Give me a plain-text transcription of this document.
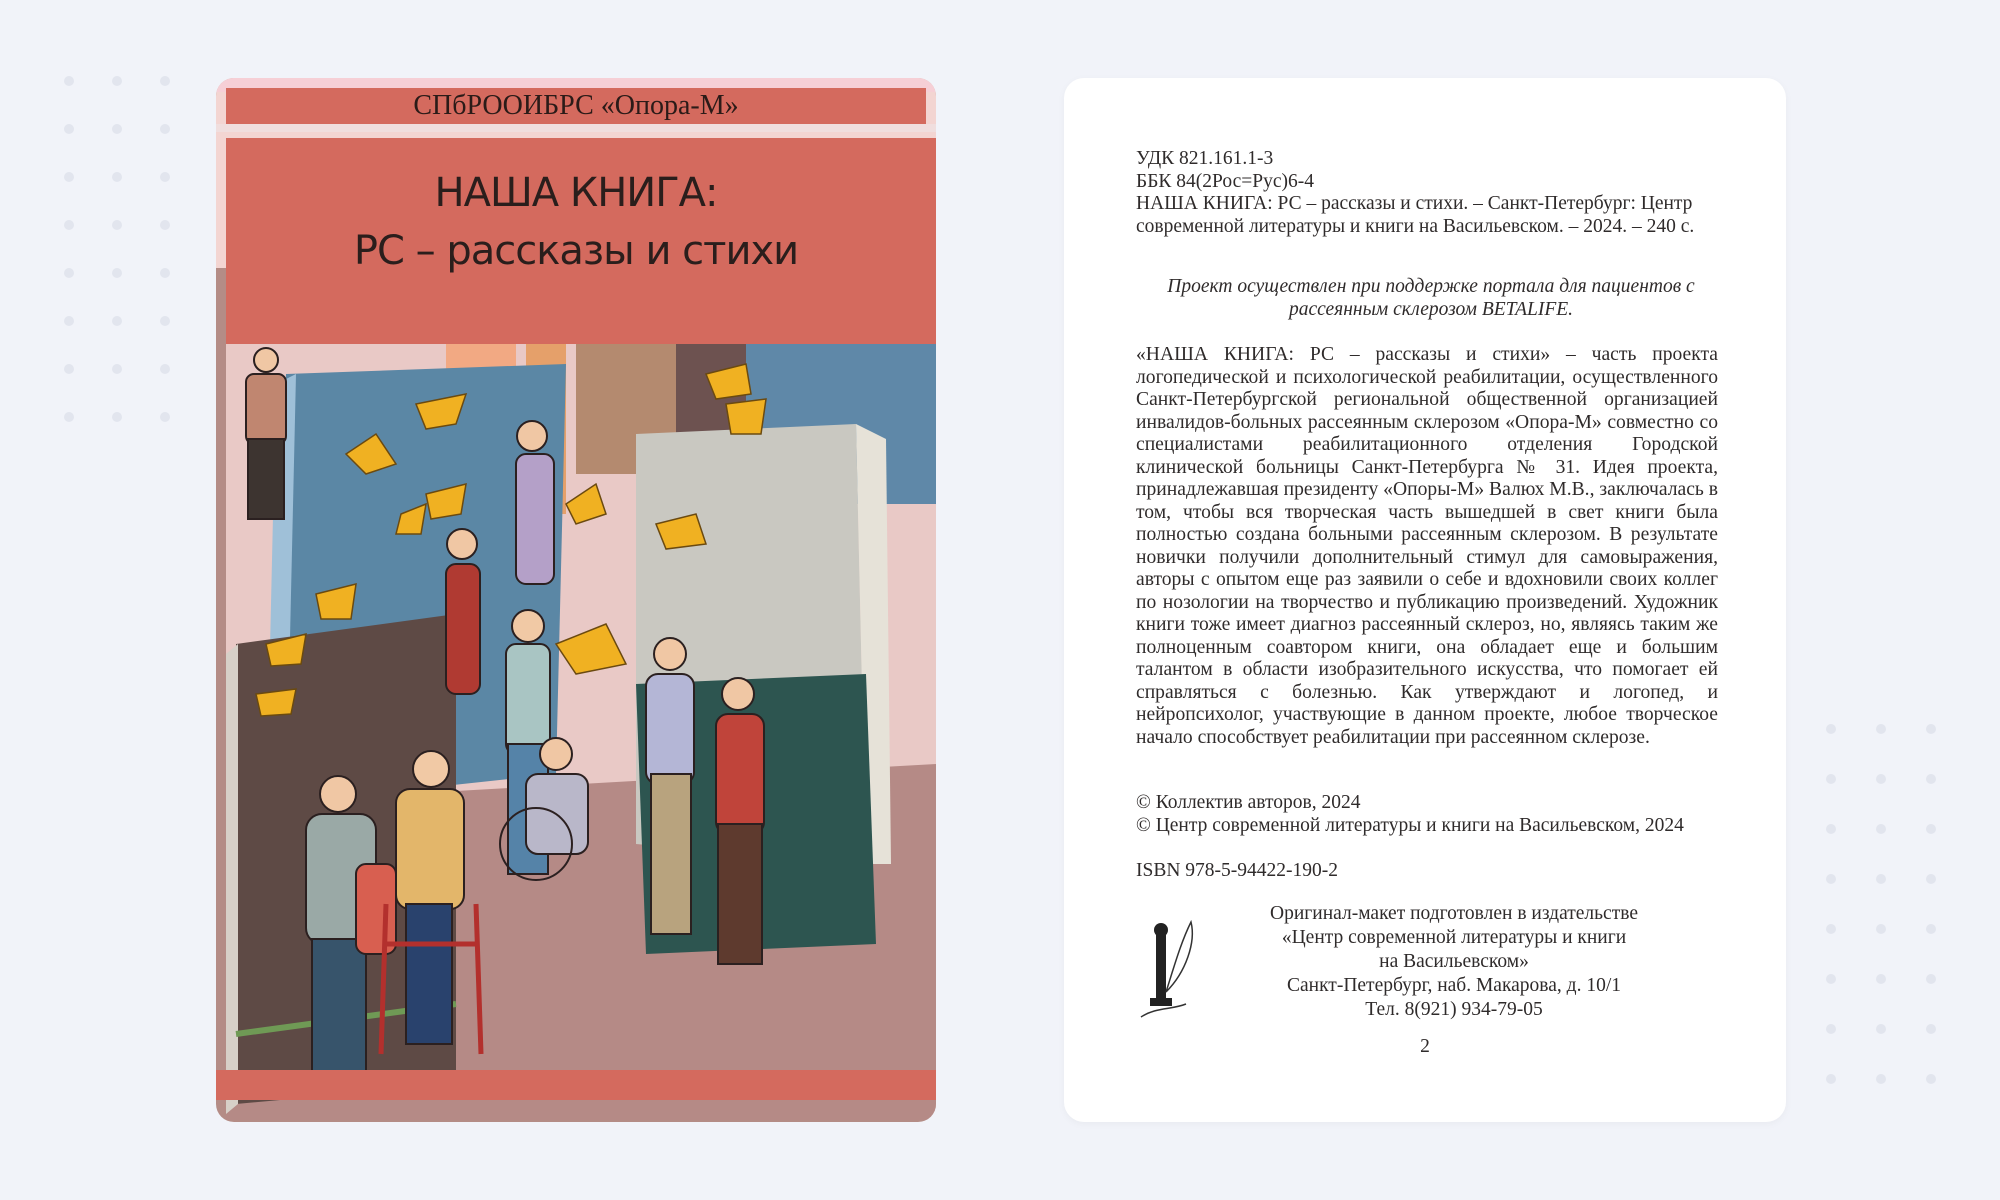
СПбРООИБРС «Опора-М»
НАША КНИГА:
РС – рассказы и стихи
УДК 821.161.1-3
ББК 84(2Рос=Рус)6-4
НАША КНИГА: РС – рассказы и стихи. – Санкт-Петербург: Центр
современной литературы и книги на Васильевском. – 2024. – 240 с.
Проект осуществлен при поддержке портала для пациентов с рассеянным склерозом BETALIFE.
«НАША КНИГА: РС – рассказы и стихи» – часть проекта логопедической и психологической реабилитации, осуществленного Санкт-Петербургской региональной общественной организацией инвалидов-больных рассеянным склерозом «Опора-М» совместно со специалистами реабилитационного отделения Городской клинической больницы Санкт-Петербурга № 31. Идея проекта, принадлежавшая президенту «Опоры-М» Валюх М.В., заключалась в том, чтобы вся творческая часть вышедшей в свет книги была полностью создана больными рассеянным склерозом. В результате новички получили дополнительный стимул для самовыражения, авторы с опытом еще раз заявили о себе и вдохновили своих коллег по нозологии на творчество и публикацию произведений. Художник книги тоже имеет диагноз рассеянный склероз, но, являясь таким же полноценным соавтором книги, она обладает еще и большим талантом в области изобразительного искусства, что помогает ей справляться с болезнью. Как утверждают и логопед, и нейропсихолог, участвующие в данном проекте, любое творческое начало способствует реабилитации при рассеянном склерозе.
© Коллектив авторов, 2024
© Центр современной литературы и книги на Васильевском, 2024
ISBN 978-5-94422-190-2
Оригинал-макет подготовлен в издательстве
«Центр современной литературы и книги
на Васильевском»
Санкт-Петербург, наб. Макарова, д. 10/1
Тел. 8(921) 934-79-05
2
